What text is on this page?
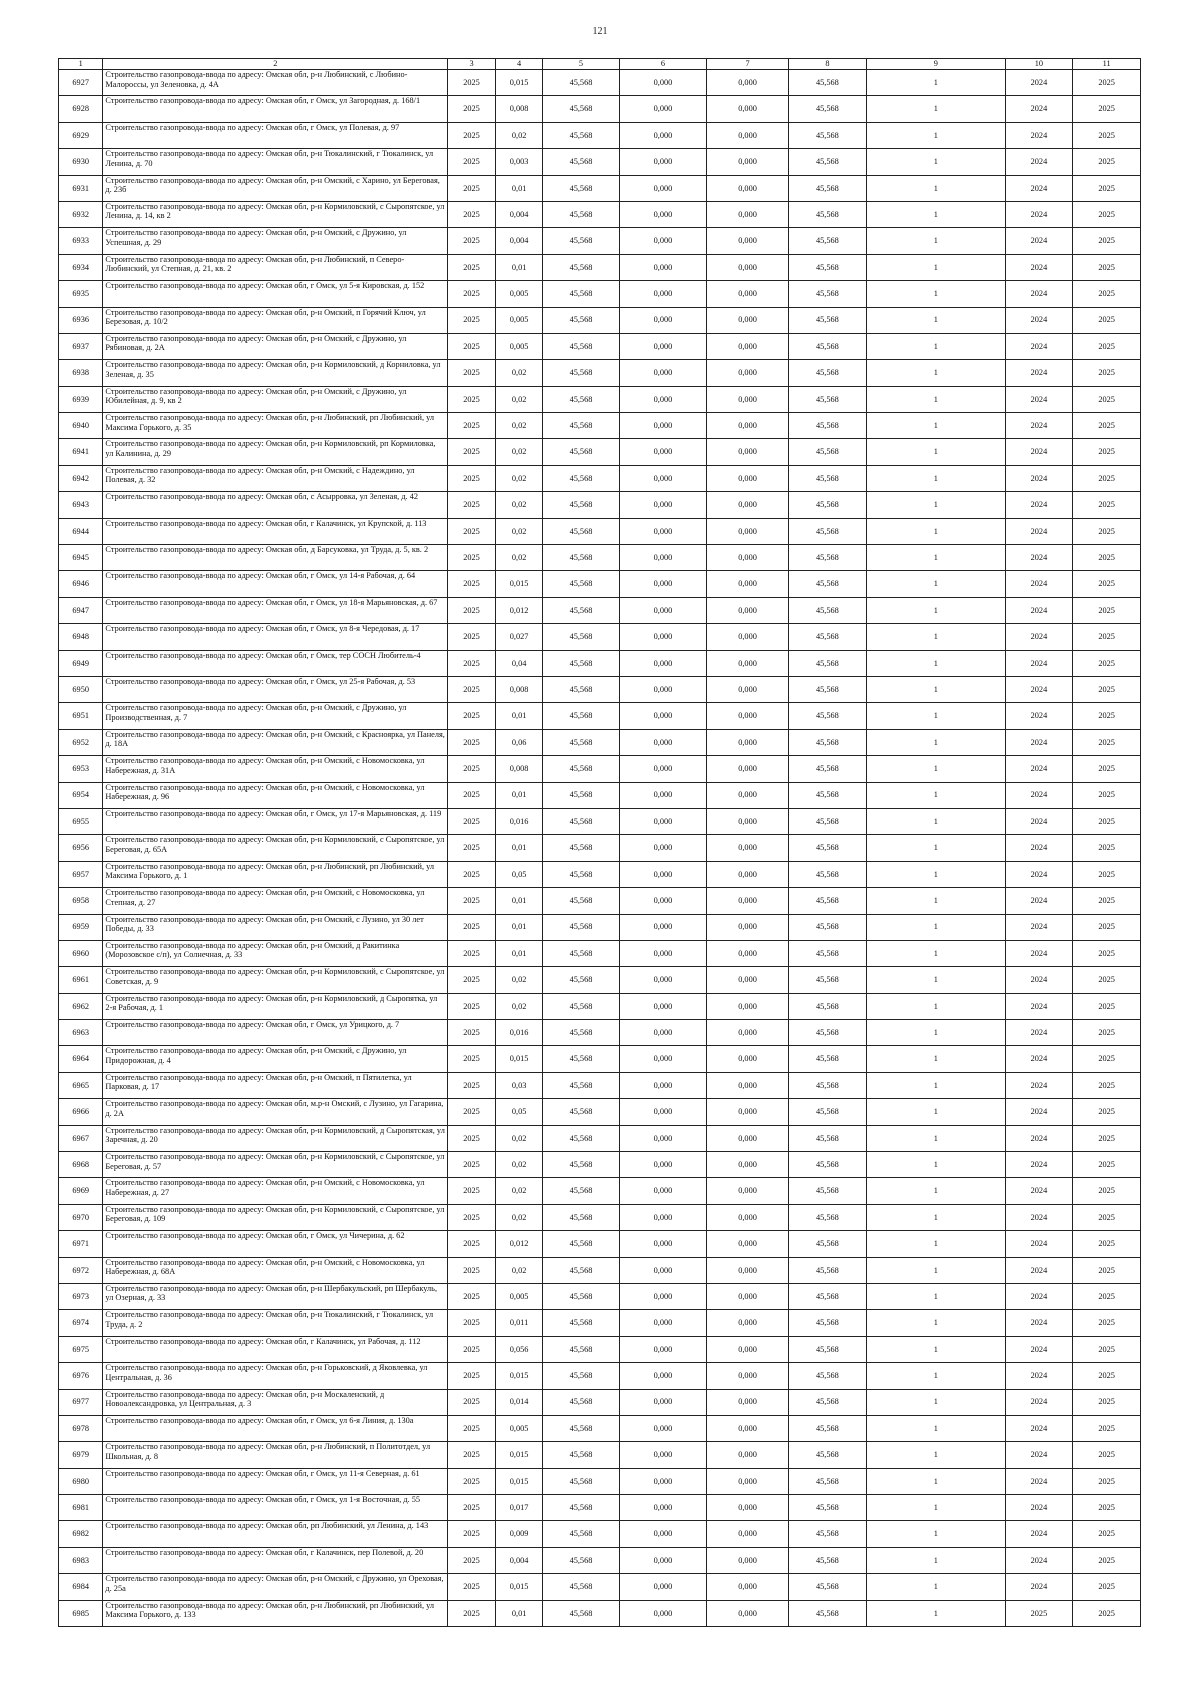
121
1	2	3	4	5	6	7	8	9	10	11
6927	Строительство газопровода-ввода по адресу: Омская обл, р-н Любинский, с Любино-Малороссы, ул Зеленовка, д. 4А	2025	0,015	45,568	0,000	0,000	45,568	1	2024	2025
6928	Строительство газопровода-ввода по адресу: Омская обл, г Омск, ул Загородная, д. 168/1	2025	0,008	45,568	0,000	0,000	45,568	1	2024	2025
6929	Строительство газопровода-ввода по адресу: Омская обл, г Омск, ул Полевая, д. 97	2025	0,02	45,568	0,000	0,000	45,568	1	2024	2025
6930	Строительство газопровода-ввода по адресу: Омская обл, р-н Тюкалинский, г Тюкалинск, ул Ленина, д. 70	2025	0,003	45,568	0,000	0,000	45,568	1	2024	2025
6931	Строительство газопровода-ввода по адресу: Омская обл, р-н Омский, с Харино, ул Береговая, д. 23б	2025	0,01	45,568	0,000	0,000	45,568	1	2024	2025
6932	Строительство газопровода-ввода по адресу: Омская обл, р-н Кормиловский, с Сыропятское, ул Ленина, д. 14, кв 2	2025	0,004	45,568	0,000	0,000	45,568	1	2024	2025
6933	Строительство газопровода-ввода по адресу: Омская обл, р-н Омский, с Дружино, ул Успешная, д. 29	2025	0,004	45,568	0,000	0,000	45,568	1	2024	2025
6934	Строительство газопровода-ввода по адресу: Омская обл, р-н Любинский, п Северо-Любинский, ул Степная, д. 21, кв. 2	2025	0,01	45,568	0,000	0,000	45,568	1	2024	2025
6935	Строительство газопровода-ввода по адресу: Омская обл, г Омск, ул 5-я Кировская, д. 152	2025	0,005	45,568	0,000	0,000	45,568	1	2024	2025
6936	Строительство газопровода-ввода по адресу: Омская обл, р-н Омский, п Горячий Ключ, ул Березовая, д. 10/2	2025	0,005	45,568	0,000	0,000	45,568	1	2024	2025
6937	Строительство газопровода-ввода по адресу: Омская обл, р-н Омский, с Дружино, ул Рябиновая, д. 2А	2025	0,005	45,568	0,000	0,000	45,568	1	2024	2025
6938	Строительство газопровода-ввода по адресу: Омская обл, р-н Кормиловский, д Корниловка, ул Зеленая, д. 35	2025	0,02	45,568	0,000	0,000	45,568	1	2024	2025
6939	Строительство газопровода-ввода по адресу: Омская обл, р-н Омский, с Дружино, ул Юбилейная, д. 9, кв 2	2025	0,02	45,568	0,000	0,000	45,568	1	2024	2025
6940	Строительство газопровода-ввода по адресу: Омская обл, р-н Любинский, рп Любинский, ул Максима Горького, д. 35	2025	0,02	45,568	0,000	0,000	45,568	1	2024	2025
6941	Строительство газопровода-ввода по адресу: Омская обл, р-н Кормиловский, рп Кормиловка, ул Калинина, д. 29	2025	0,02	45,568	0,000	0,000	45,568	1	2024	2025
6942	Строительство газопровода-ввода по адресу: Омская обл, р-н Омский, с Надеждино, ул Полевая, д. 32	2025	0,02	45,568	0,000	0,000	45,568	1	2024	2025
6943	Строительство газопровода-ввода по адресу: Омская обл, с Асырровка, ул Зеленая, д. 42	2025	0,02	45,568	0,000	0,000	45,568	1	2024	2025
6944	Строительство газопровода-ввода по адресу: Омская обл, г Калачинск, ул Крупской, д. 113	2025	0,02	45,568	0,000	0,000	45,568	1	2024	2025
6945	Строительство газопровода-ввода по адресу: Омская обл, д Барсуковка, ул Труда, д. 5, кв. 2	2025	0,02	45,568	0,000	0,000	45,568	1	2024	2025
6946	Строительство газопровода-ввода по адресу: Омская обл, г Омск, ул 14-я Рабочая, д. 64	2025	0,015	45,568	0,000	0,000	45,568	1	2024	2025
6947	Строительство газопровода-ввода по адресу: Омская обл, г Омск, ул 18-я Марьяновская, д. 67	2025	0,012	45,568	0,000	0,000	45,568	1	2024	2025
6948	Строительство газопровода-ввода по адресу: Омская обл, г Омск, ул 8-я Чередовая, д. 17	2025	0,027	45,568	0,000	0,000	45,568	1	2024	2025
6949	Строительство газопровода-ввода по адресу: Омская обл, г Омск, тер СОСН Любитель-4	2025	0,04	45,568	0,000	0,000	45,568	1	2024	2025
6950	Строительство газопровода-ввода по адресу: Омская обл, г Омск, ул 25-я Рабочая, д. 53	2025	0,008	45,568	0,000	0,000	45,568	1	2024	2025
6951	Строительство газопровода-ввода по адресу: Омская обл, р-н Омский, с Дружино, ул Производственная, д. 7	2025	0,01	45,568	0,000	0,000	45,568	1	2024	2025
6952	Строительство газопровода-ввода по адресу: Омская обл, р-н Омский, с Красноярка, ул Панеля, д. 18А	2025	0,06	45,568	0,000	0,000	45,568	1	2024	2025
6953	Строительство газопровода-ввода по адресу: Омская обл, р-н Омский, с Новомосковка, ул Набережная, д. 31А	2025	0,008	45,568	0,000	0,000	45,568	1	2024	2025
6954	Строительство газопровода-ввода по адресу: Омская обл, р-н Омский, с Новомосковка, ул Набережная, д. 96	2025	0,01	45,568	0,000	0,000	45,568	1	2024	2025
6955	Строительство газопровода-ввода по адресу: Омская обл, г Омск, ул 17-я Марьяновская, д. 119	2025	0,016	45,568	0,000	0,000	45,568	1	2024	2025
6956	Строительство газопровода-ввода по адресу: Омская обл, р-н Кормиловский, с Сыропятское, ул Береговая, д. 65А	2025	0,01	45,568	0,000	0,000	45,568	1	2024	2025
6957	Строительство газопровода-ввода по адресу: Омская обл, р-н Любинский, рп Любинский, ул Максима Горького, д. 1	2025	0,05	45,568	0,000	0,000	45,568	1	2024	2025
6958	Строительство газопровода-ввода по адресу: Омская обл, р-н Омский, с Новомосковка, ул Степная, д. 27	2025	0,01	45,568	0,000	0,000	45,568	1	2024	2025
6959	Строительство газопровода-ввода по адресу: Омская обл, р-н Омский, с Лузино, ул 30 лет Победы, д. 33	2025	0,01	45,568	0,000	0,000	45,568	1	2024	2025
6960	Строительство газопровода-ввода по адресу: Омская обл, р-н Омский, д Ракитинка (Морозовское с/п), ул Солнечная, д. 33	2025	0,01	45,568	0,000	0,000	45,568	1	2024	2025
6961	Строительство газопровода-ввода по адресу: Омская обл, р-н Кормиловский, с Сыропятское, ул Советская, д. 9	2025	0,02	45,568	0,000	0,000	45,568	1	2024	2025
6962	Строительство газопровода-ввода по адресу: Омская обл, р-н Кормиловский, д Сыропятка, ул 2-я Рабочая, д. 1	2025	0,02	45,568	0,000	0,000	45,568	1	2024	2025
6963	Строительство газопровода-ввода по адресу: Омская обл, г Омск, ул Урицкого, д. 7	2025	0,016	45,568	0,000	0,000	45,568	1	2024	2025
6964	Строительство газопровода-ввода по адресу: Омская обл, р-н Омский, с Дружино, ул Придорожная, д. 4	2025	0,015	45,568	0,000	0,000	45,568	1	2024	2025
6965	Строительство газопровода-ввода по адресу: Омская обл, р-н Омский, п Пятилетка, ул Парковая, д. 17	2025	0,03	45,568	0,000	0,000	45,568	1	2024	2025
6966	Строительство газопровода-ввода по адресу: Омская обл, м.р-н Омский, с Лузино, ул Гагарина, д. 2А	2025	0,05	45,568	0,000	0,000	45,568	1	2024	2025
6967	Строительство газопровода-ввода по адресу: Омская обл, р-н Кормиловский, д Сыропятская, ул Заречная, д. 20	2025	0,02	45,568	0,000	0,000	45,568	1	2024	2025
6968	Строительство газопровода-ввода по адресу: Омская обл, р-н Кормиловский, с Сыропятское, ул Береговая, д. 57	2025	0,02	45,568	0,000	0,000	45,568	1	2024	2025
6969	Строительство газопровода-ввода по адресу: Омская обл, р-н Омский, с Новомосковка, ул Набережная, д. 27	2025	0,02	45,568	0,000	0,000	45,568	1	2024	2025
6970	Строительство газопровода-ввода по адресу: Омская обл, р-н Кормиловский, с Сыропятское, ул Береговая, д. 109	2025	0,02	45,568	0,000	0,000	45,568	1	2024	2025
6971	Строительство газопровода-ввода по адресу: Омская обл, г Омск, ул Чичерина, д. 62	2025	0,012	45,568	0,000	0,000	45,568	1	2024	2025
6972	Строительство газопровода-ввода по адресу: Омская обл, р-н Омский, с Новомосковка, ул Набережная, д. 68А	2025	0,02	45,568	0,000	0,000	45,568	1	2024	2025
6973	Строительство газопровода-ввода по адресу: Омская обл, р-н Шербакульский, рп Шербакуль, ул Озерная, д. 33	2025	0,005	45,568	0,000	0,000	45,568	1	2024	2025
6974	Строительство газопровода-ввода по адресу: Омская обл, р-н Тюкалинский, г Тюкалинск, ул Труда, д. 2	2025	0,011	45,568	0,000	0,000	45,568	1	2024	2025
6975	Строительство газопровода-ввода по адресу: Омская обл, г Калачинск, ул Рабочая, д. 112	2025	0,056	45,568	0,000	0,000	45,568	1	2024	2025
6976	Строительство газопровода-ввода по адресу: Омская обл, р-н Горьковский, д Яковлевка, ул Центральная, д. 36	2025	0,015	45,568	0,000	0,000	45,568	1	2024	2025
6977	Строительство газопровода-ввода по адресу: Омская обл, р-н Москаленский, д Новоалександровка, ул Центральная, д. 3	2025	0,014	45,568	0,000	0,000	45,568	1	2024	2025
6978	Строительство газопровода-ввода по адресу: Омская обл, г Омск, ул 6-я Линия, д. 130а	2025	0,005	45,568	0,000	0,000	45,568	1	2024	2025
6979	Строительство газопровода-ввода по адресу: Омская обл, р-н Любинский, п Политотдел, ул Школьная, д. 8	2025	0,015	45,568	0,000	0,000	45,568	1	2024	2025
6980	Строительство газопровода-ввода по адресу: Омская обл, г Омск, ул 11-я Северная, д. 61	2025	0,015	45,568	0,000	0,000	45,568	1	2024	2025
6981	Строительство газопровода-ввода по адресу: Омская обл, г Омск, ул 1-я Восточная, д. 55	2025	0,017	45,568	0,000	0,000	45,568	1	2024	2025
6982	Строительство газопровода-ввода по адресу: Омская обл, рп Любинский, ул Ленина, д. 143	2025	0,009	45,568	0,000	0,000	45,568	1	2024	2025
6983	Строительство газопровода-ввода по адресу: Омская обл, г Калачинск, пер Полевой, д. 20	2025	0,004	45,568	0,000	0,000	45,568	1	2024	2025
6984	Строительство газопровода-ввода по адресу: Омская обл, р-н Омский, с Дружино, ул Ореховая, д. 25а	2025	0,015	45,568	0,000	0,000	45,568	1	2024	2025
6985	Строительство газопровода-ввода по адресу: Омская обл, р-н Любинский, рп Любинский, ул Максима Горького, д. 133	2025	0,01	45,568	0,000	0,000	45,568	1	2025	2025
